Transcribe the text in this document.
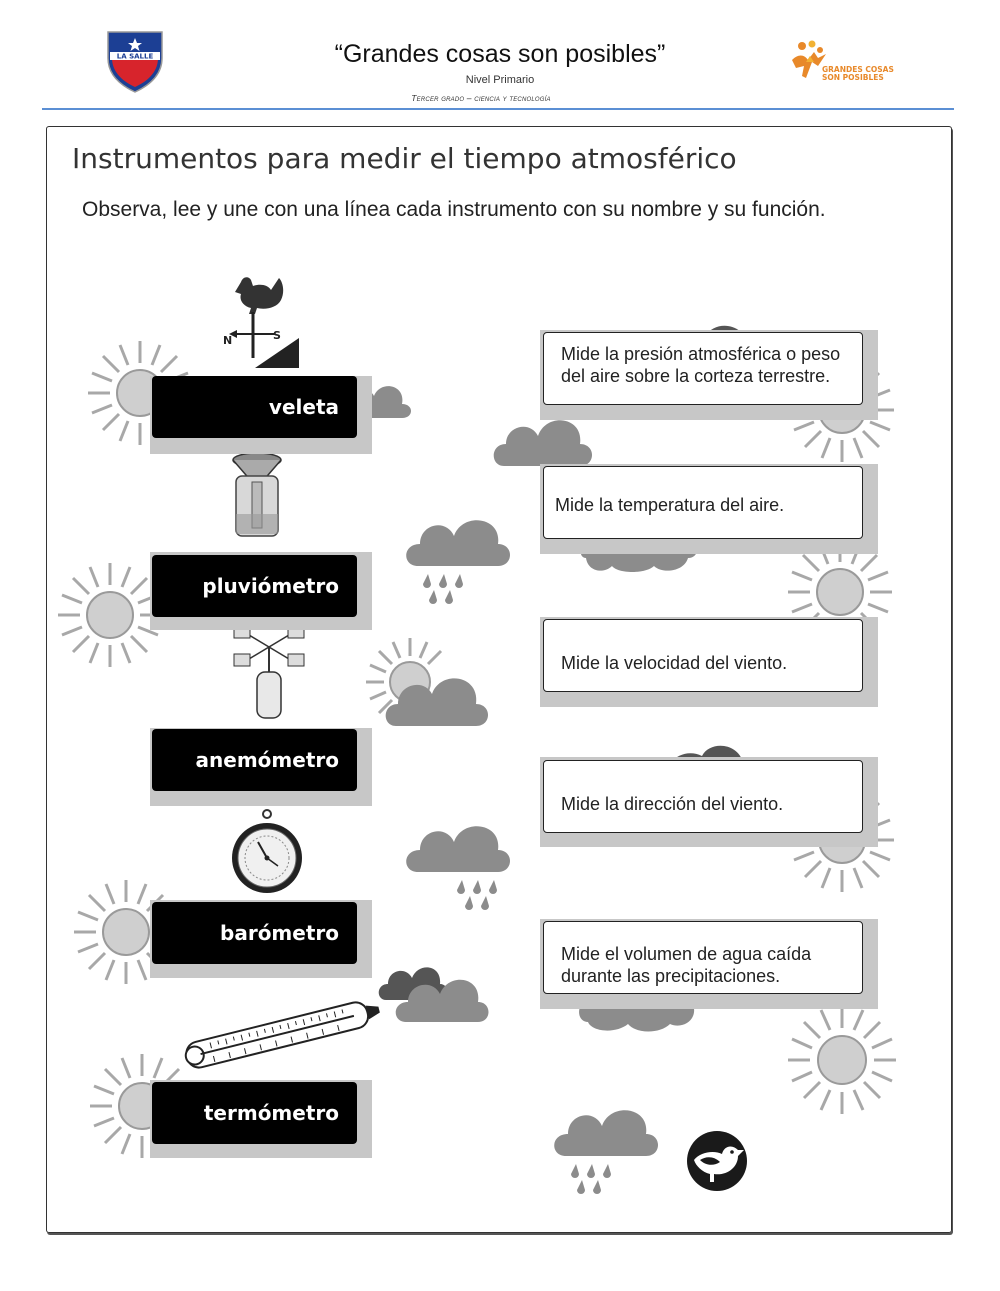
LA SALLE	“Grandes cosas son posibles”
Nivel Primario
Tercer grado – ciencia y tecnología
GRANDES COSAS
SON POSIBLES
Instrumentos para medir el tiempo atmosférico
Observa, lee y une con una línea cada instrumento con su nombre y su función.
N	S
veleta
pluviómetro
anemómetro
barómetro
termómetro
Mide la presión atmosférica o peso del aire sobre la corteza terrestre.
Mide la temperatura del aire.
Mide la velocidad del viento.
Mide la dirección del viento.
Mide el volumen de agua caída durante las precipitaciones.
